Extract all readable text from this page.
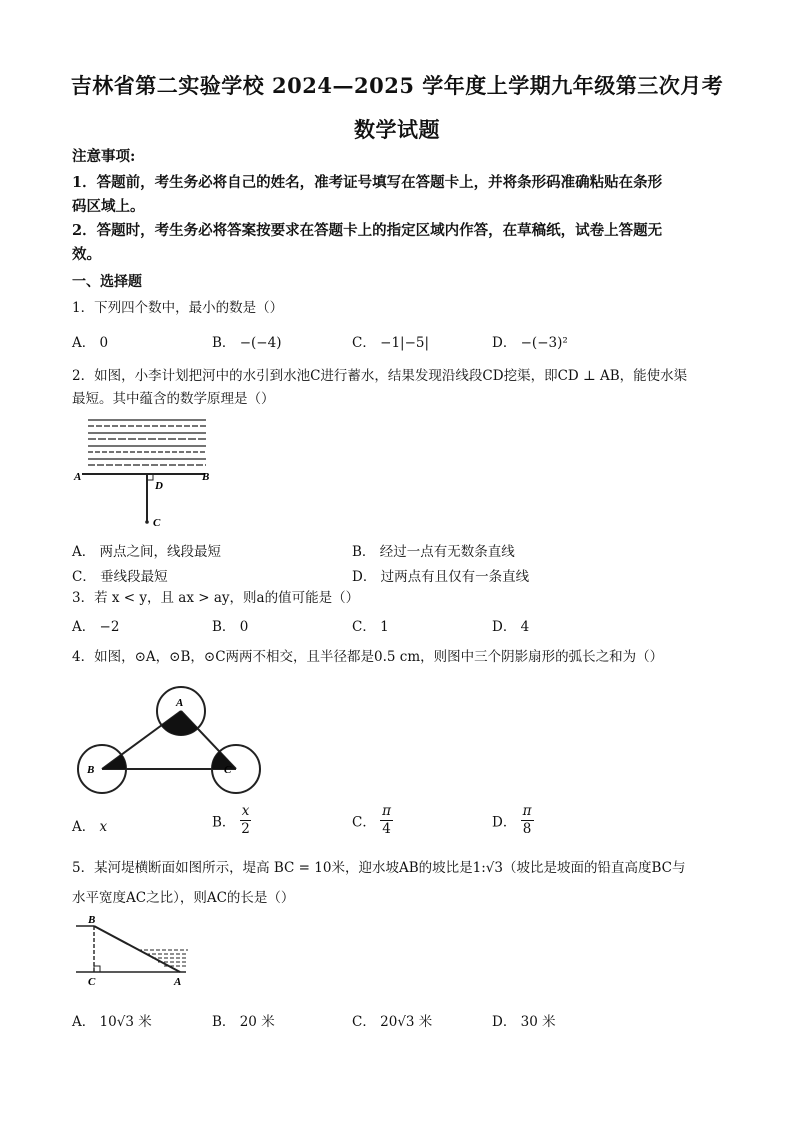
吉林省第二实验学校 2024—2025 学年度上学期九年级第三次月考
数学试题
注意事项:
1．答题前，考生务必将自己的姓名，准考证号填写在答题卡上，并将条形码准确粘贴在条形
码区域上。
2．答题时，考生务必将答案按要求在答题卡上的指定区域内作答，在草稿纸，试卷上答题无
效。
一、选择题
1．下列四个数中，最小的数是（）
A． 0	B． −(−4)	C． −1|−5|	D． −(−3)²
2．如图，小李计划把河中的水引到水池C进行蓄水，结果发现沿线段CD挖渠，即CD ⊥ AB，能使水渠
最短。其中蕴含的数学原理是（）
A	B
D
C
A． 两点之间，线段最短	B． 经过一点有无数条直线
C． 垂线段最短	D． 过两点有且仅有一条直线
3．若 x < y，且 ax > ay，则a的值可能是（）
A． −2	B． 0	C． 1	D． 4
4．如图，⊙A，⊙B，⊙C两两不相交，且半径都是0.5 cm，则图中三个阴影扇形的弧长之和为（）
A
B	C
A． x	B． $\frac{x}{2}$	C． $\frac{\pi}{4}$	D． $\frac{\pi}{8}$
5．某河堤横断面如图所示，堤高 BC = 10米，迎水坡AB的坡比是1:√3（坡比是坡面的铅直高度BC与
水平宽度AC之比），则AC的长是（）
B
C	A
A． 10√3 米	B． 20 米	C． 20√3 米	D． 30 米
